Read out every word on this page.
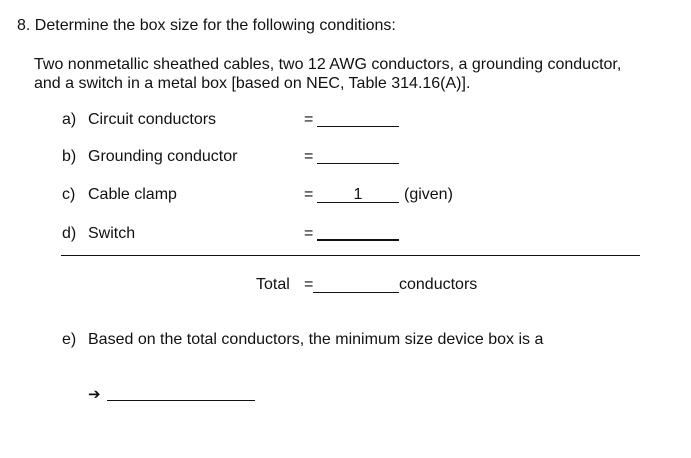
8. Determine the box size for the following conditions:
Two nonmetallic sheathed cables, two 12 AWG conductors, a grounding conductor,
and a switch in a metal box [based on NEC, Table 314.16(A)].
a) Circuit conductors	=
b) Grounding conductor	=
c) Cable clamp	=	1	(given)
d) Switch	=
Total =	conductors
e) Based on the total conductors, the minimum size device box is a
➔
